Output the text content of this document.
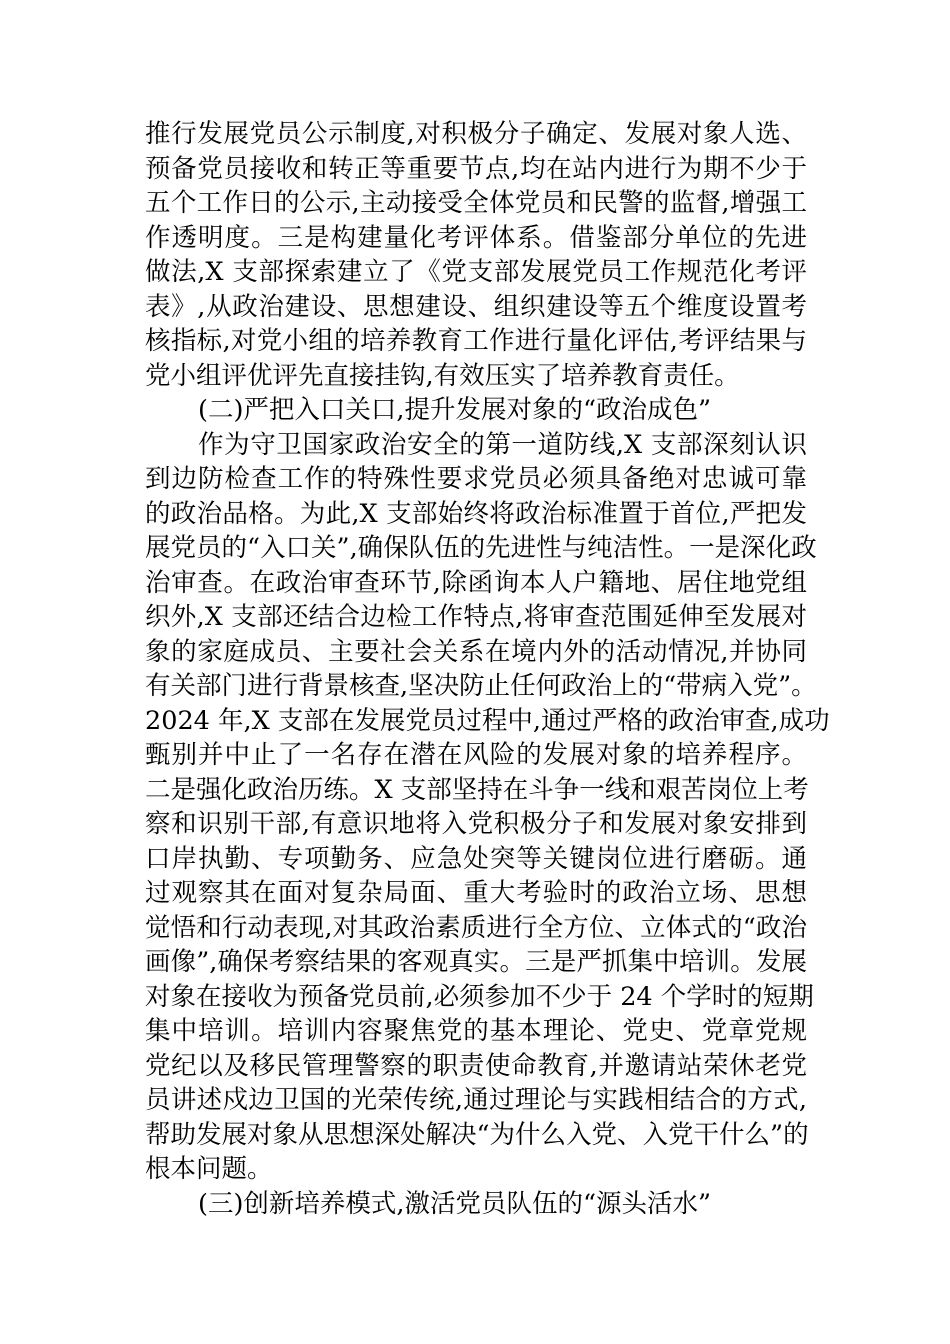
推行发展党员公示制度,对积极分子确定、发展对象人选、
预备党员接收和转正等重要节点,均在站内进行为期不少于
五个工作日的公示,主动接受全体党员和民警的监督,增强工
作透明度。三是构建量化考评体系。借鉴部分单位的先进
做法,X 支部探索建立了《党支部发展党员工作规范化考评
表》,从政治建设、思想建设、组织建设等五个维度设置考
核指标,对党小组的培养教育工作进行量化评估,考评结果与
党小组评优评先直接挂钩,有效压实了培养教育责任。
(二)严把入口关口,提升发展对象的“政治成色”
作为守卫国家政治安全的第一道防线,X 支部深刻认识
到边防检查工作的特殊性要求党员必须具备绝对忠诚可靠
的政治品格。为此,X 支部始终将政治标准置于首位,严把发
展党员的“入口关”,确保队伍的先进性与纯洁性。一是深化政
治审查。在政治审查环节,除函询本人户籍地、居住地党组
织外,X 支部还结合边检工作特点,将审查范围延伸至发展对
象的家庭成员、主要社会关系在境内外的活动情况,并协同
有关部门进行背景核查,坚决防止任何政治上的“带病入党”。
2024 年,X 支部在发展党员过程中,通过严格的政治审查,成功
甄别并中止了一名存在潜在风险的发展对象的培养程序。
二是强化政治历练。X 支部坚持在斗争一线和艰苦岗位上考
察和识别干部,有意识地将入党积极分子和发展对象安排到
口岸执勤、专项勤务、应急处突等关键岗位进行磨砺。通
过观察其在面对复杂局面、重大考验时的政治立场、思想
觉悟和行动表现,对其政治素质进行全方位、立体式的“政治
画像”,确保考察结果的客观真实。三是严抓集中培训。发展
对象在接收为预备党员前,必须参加不少于 24 个学时的短期
集中培训。培训内容聚焦党的基本理论、党史、党章党规
党纪以及移民管理警察的职责使命教育,并邀请站荣休老党
员讲述戍边卫国的光荣传统,通过理论与实践相结合的方式,
帮助发展对象从思想深处解决“为什么入党、入党干什么”的
根本问题。
(三)创新培养模式,激活党员队伍的“源头活水”
